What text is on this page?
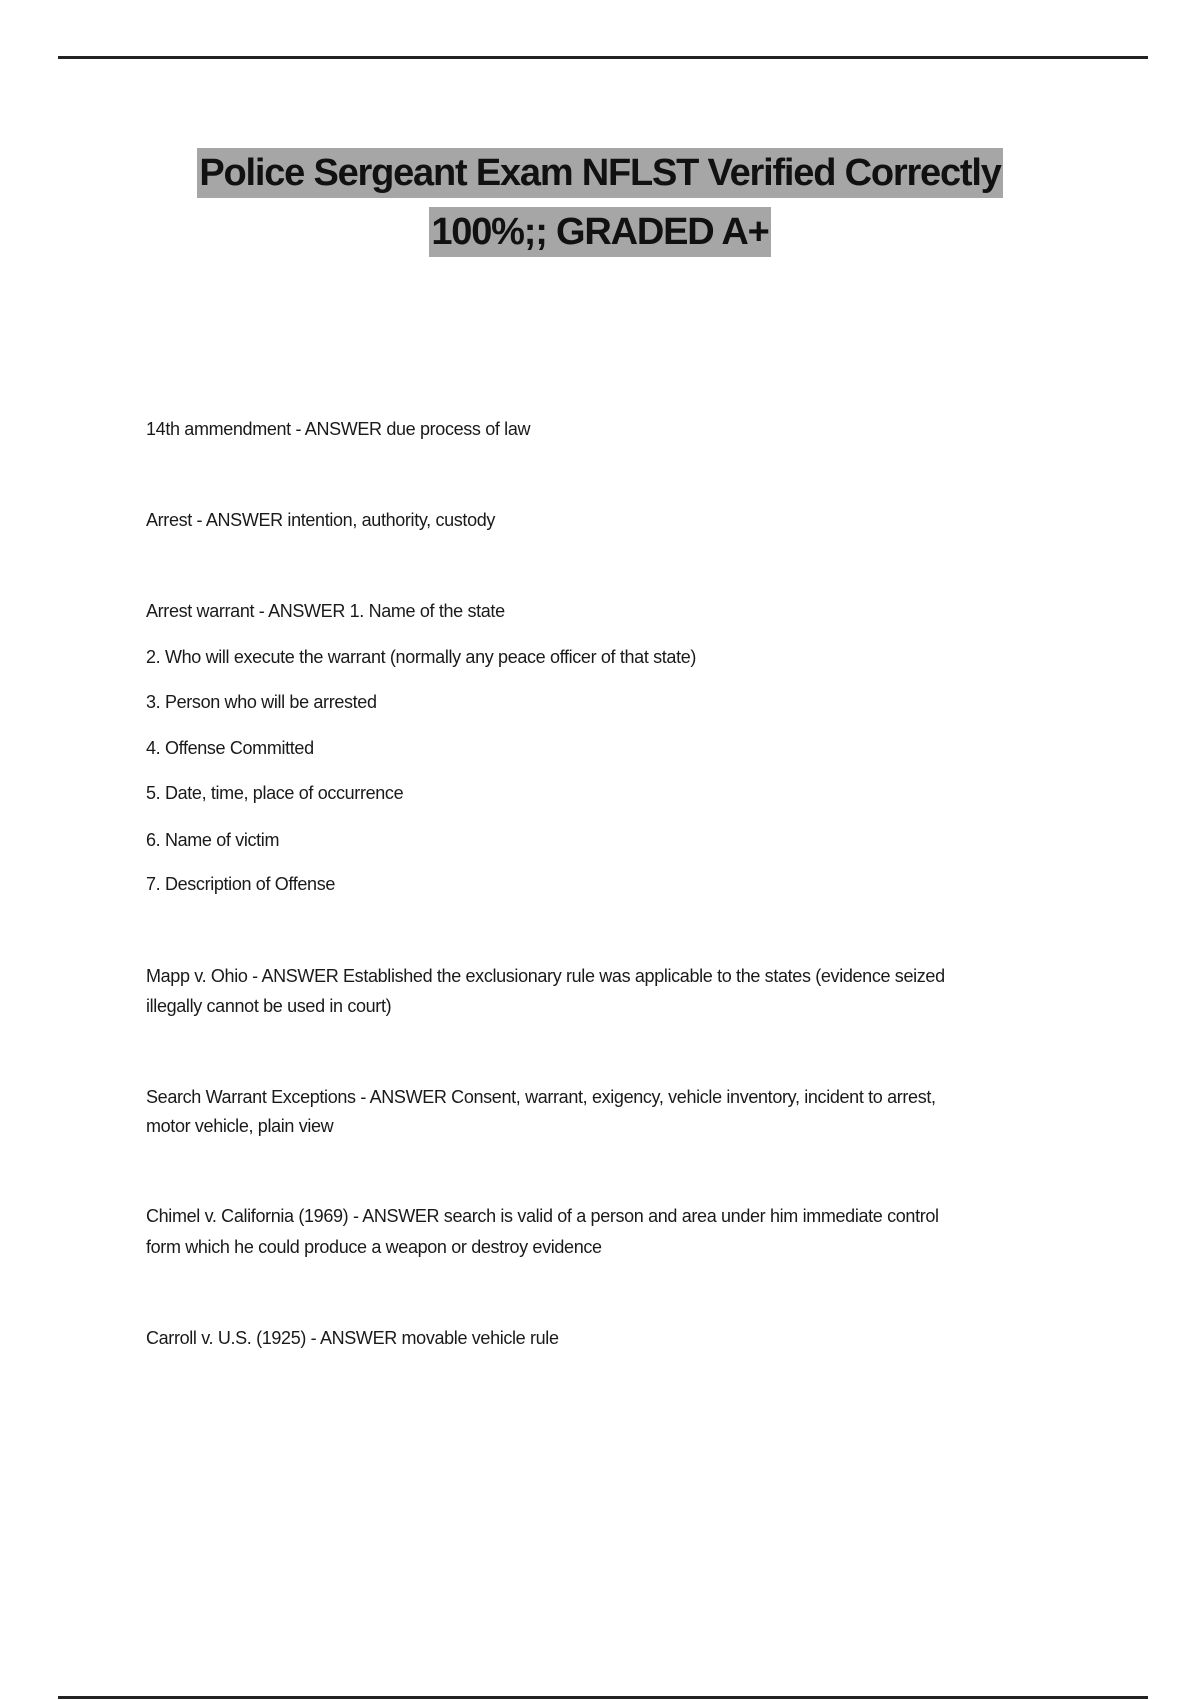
Police Sergeant Exam NFLST Verified Correctly
100%;; GRADED A+
14th ammendment - ANSWER due process of law
Arrest - ANSWER intention, authority, custody
Arrest warrant - ANSWER 1. Name of the state
2. Who will execute the warrant (normally any peace officer of that state)
3. Person who will be arrested
4. Offense Committed
5. Date, time, place of occurrence
6. Name of victim
7. Description of Offense
Mapp v. Ohio - ANSWER Established the exclusionary rule was applicable to the states (evidence seized
illegally cannot be used in court)
Search Warrant Exceptions - ANSWER Consent, warrant, exigency, vehicle inventory, incident to arrest,
motor vehicle, plain view
Chimel v. California (1969) - ANSWER search is valid of a person and area under him immediate control
form which he could produce a weapon or destroy evidence
Carroll v. U.S. (1925) - ANSWER movable vehicle rule
